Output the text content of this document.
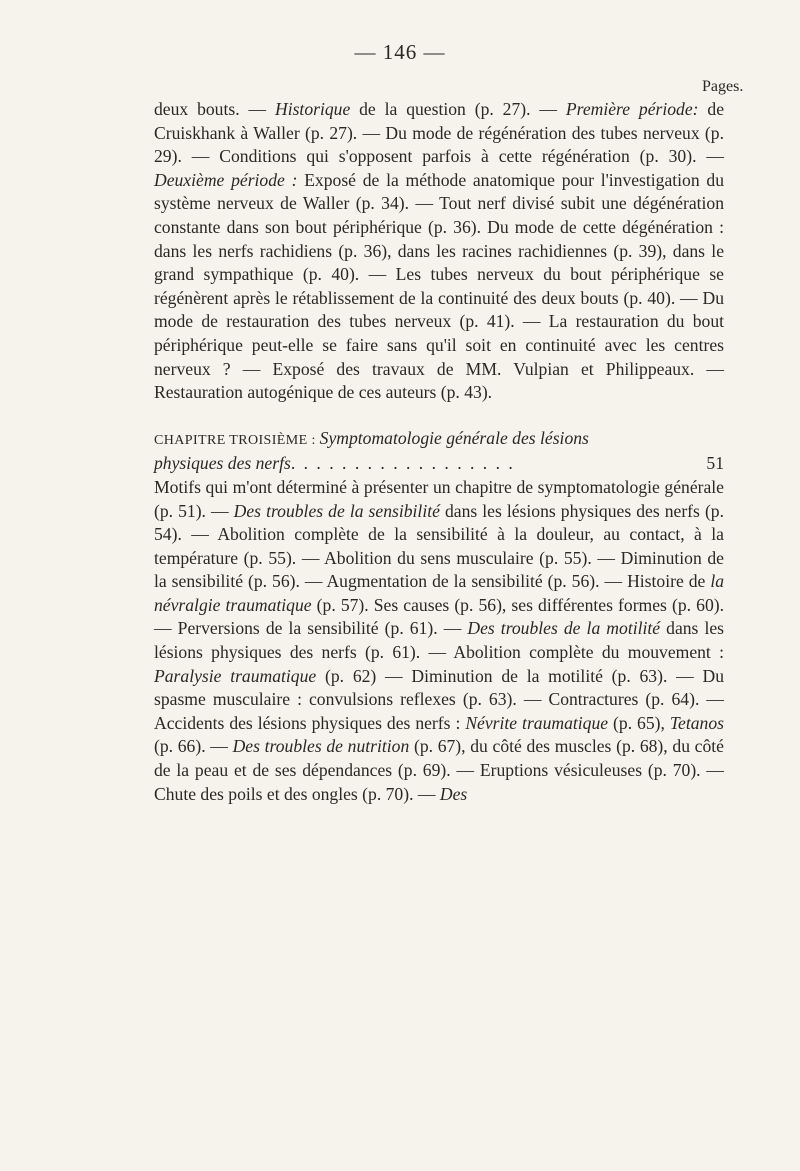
— 146 —
Pages.

deux bouts. — Historique de la question (p. 27). — Première période: de Cruiskhank à Waller (p. 27). — Du mode de régénération des tubes nerveux (p. 29). — Conditions qui s'opposent parfois à cette régénération (p. 30). — Deuxième période : Exposé de la méthode anatomique pour l'investigation du système nerveux de Waller (p. 34). — Tout nerf divisé subit une dégénération constante dans son bout périphérique (p. 36). Du mode de cette dégénération : dans les nerfs rachidiens (p. 36), dans les racines rachidiennes (p. 39), dans le grand sympathique (p. 40). — Les tubes nerveux du bout périphérique se régénèrent après le rétablissement de la continuité des deux bouts (p. 40). — Du mode de restauration des tubes nerveux (p. 41). — La restauration du bout périphérique peut-elle se faire sans qu'il soit en continuité avec les centres nerveux ? — Exposé des travaux de MM. Vulpian et Philippeaux. — Restauration autogénique de ces auteurs (p. 43).

CHAPITRE TROISIÈME : Symptomatologie générale des lésions

physiques des nerfs. . . . . . . . . . . . . . . . . .	51

Motifs qui m'ont déterminé à présenter un chapitre de symptomatologie générale (p. 51). — Des troubles de la sensibilité dans les lésions physiques des nerfs (p. 54). — Abolition complète de la sensibilité à la douleur, au contact, à la température (p. 55). — Abolition du sens musculaire (p. 55). — Diminution de la sensibilité (p. 56). — Augmentation de la sensibilité (p. 56). — Histoire de la névralgie traumatique (p. 57). Ses causes (p. 56), ses différentes formes (p. 60). — Perversions de la sensibilité (p. 61). — Des troubles de la motilité dans les lésions physiques des nerfs (p. 61). — Abolition complète du mouvement : Paralysie traumatique (p. 62) — Diminution de la motilité (p. 63). — Du spasme musculaire : convulsions reflexes (p. 63). — Contractures (p. 64). — Accidents des lésions physiques des nerfs : Névrite traumatique (p. 65), Tetanos (p. 66). — Des troubles de nutrition (p. 67), du côté des muscles (p. 68), du côté de la peau et de ses dépendances (p. 69). — Eruptions vésiculeuses (p. 70). — Chute des poils et des ongles (p. 70). — Des
